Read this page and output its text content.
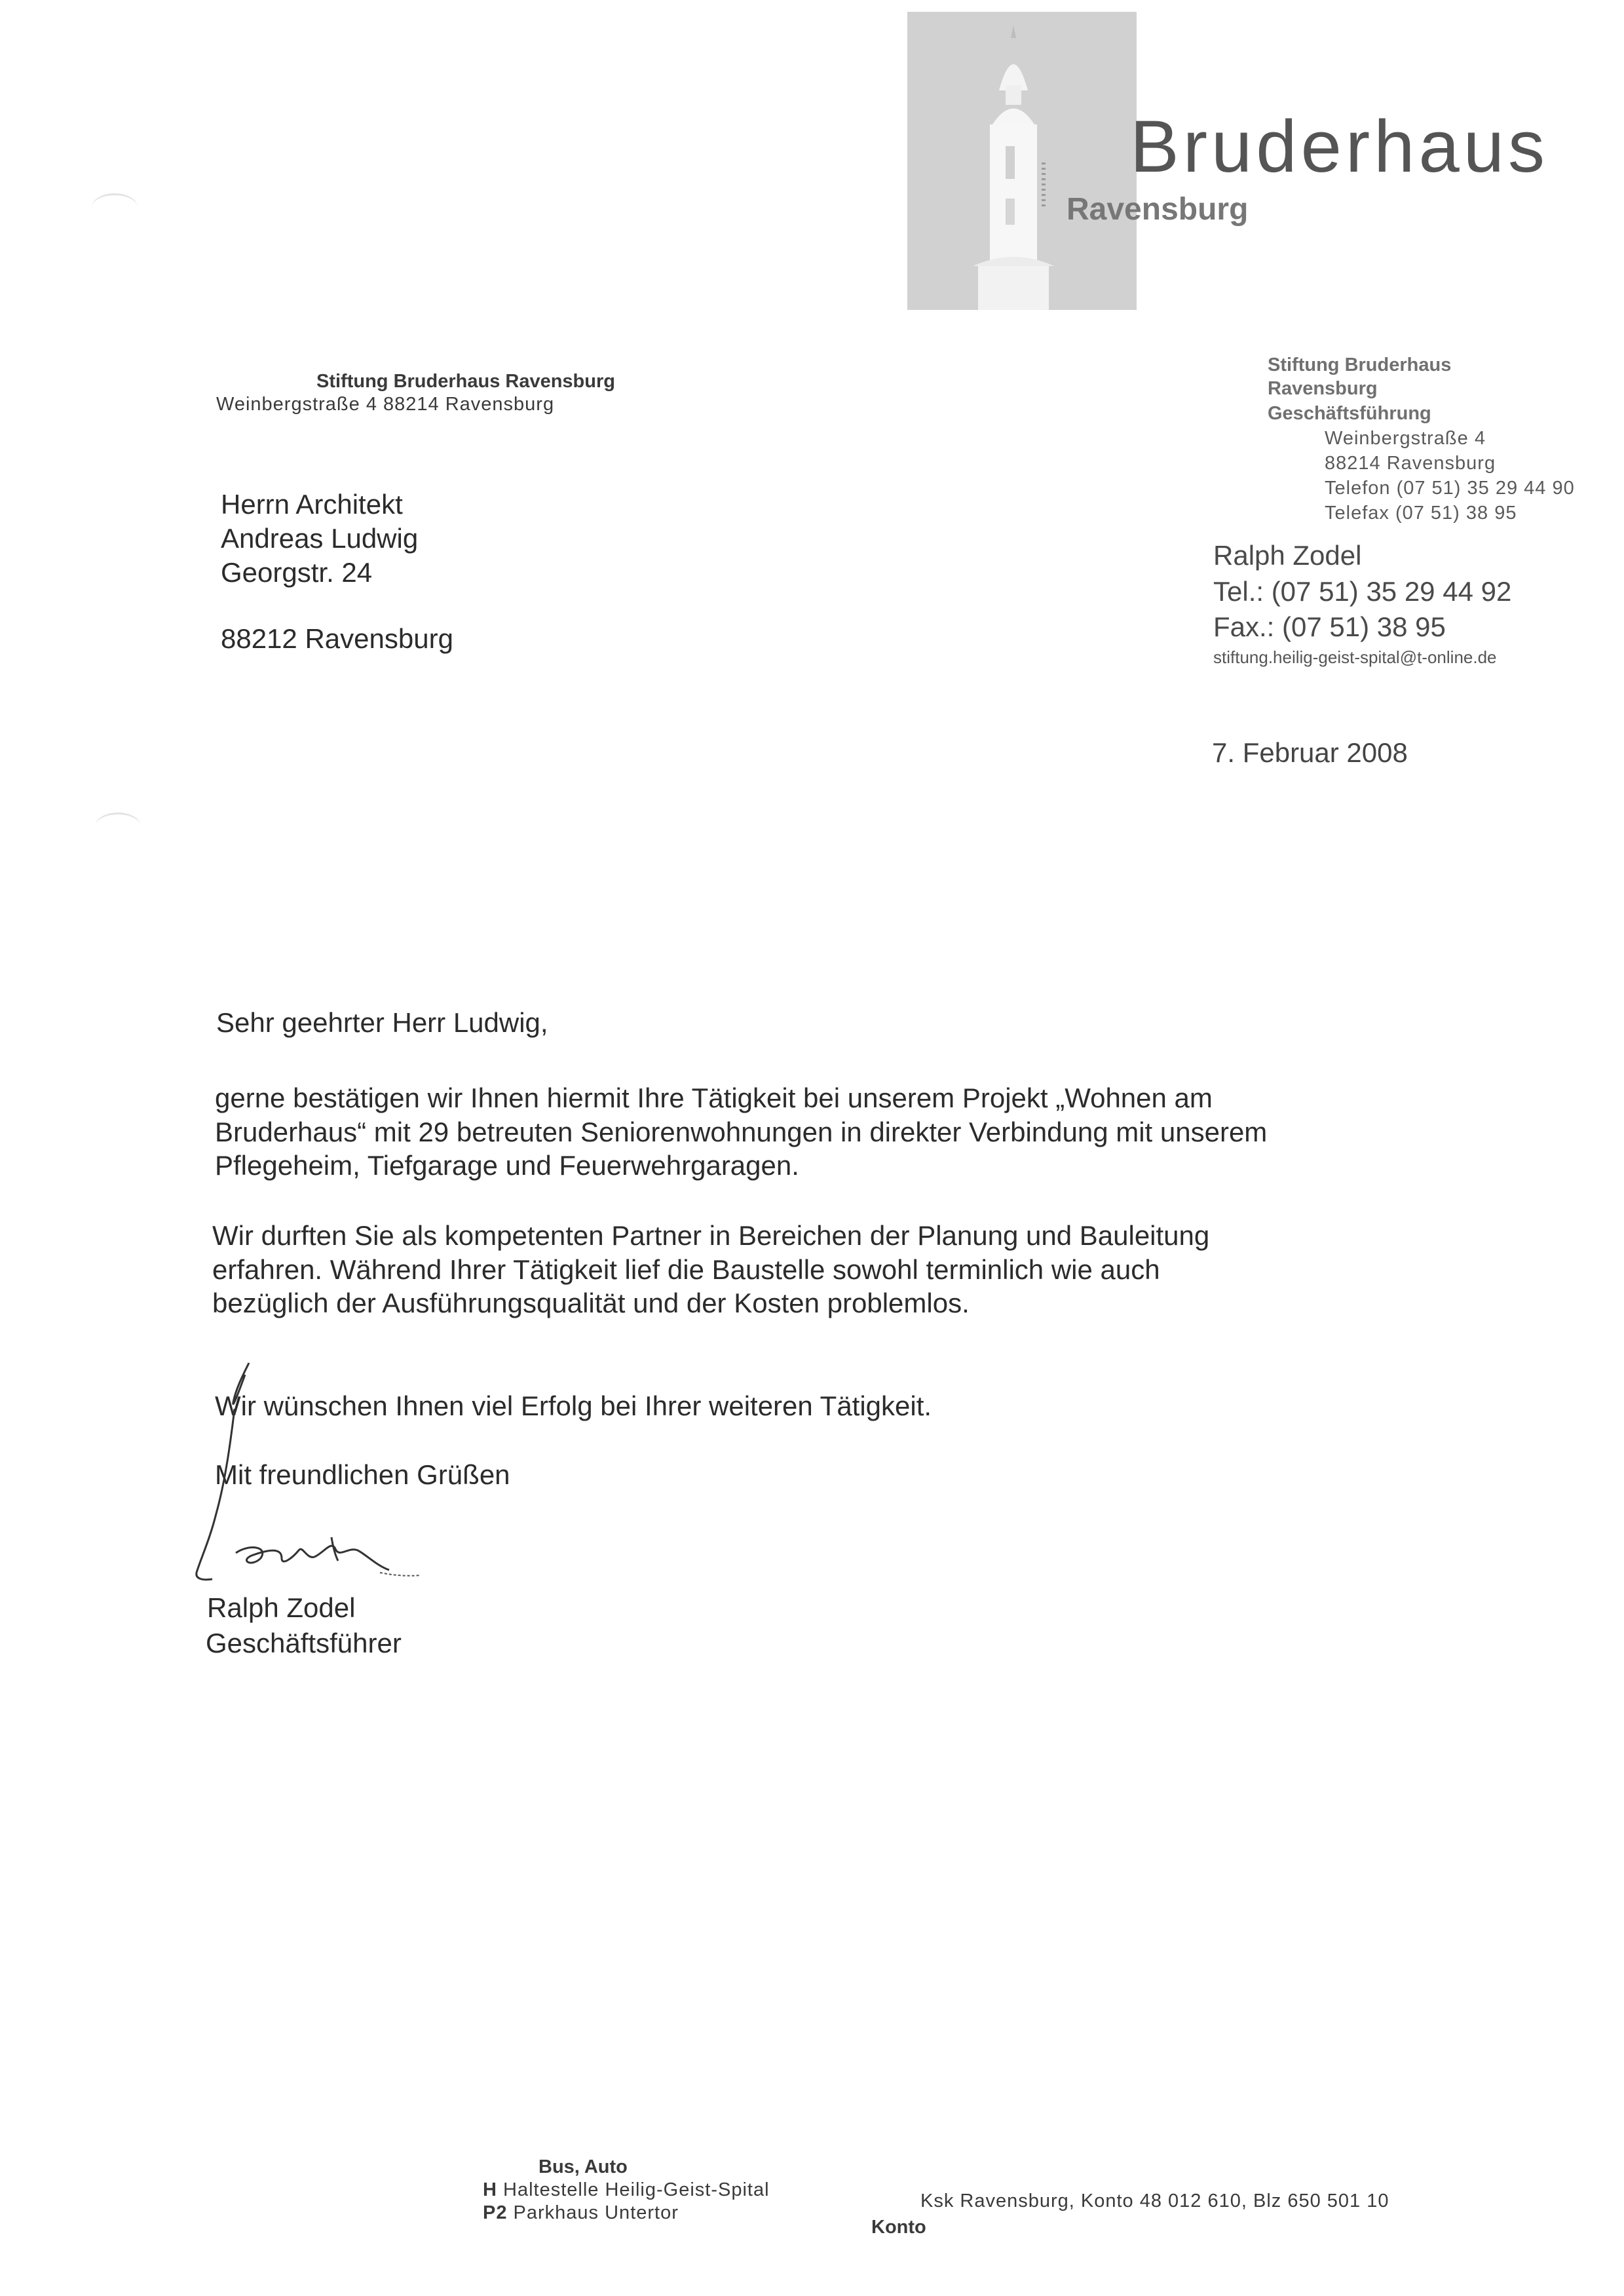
Bruderhaus
Ravensburg
Stiftung Bruderhaus Ravensburg
Weinbergstraße 4 88214 Ravensburg
Herrn Architekt
Andreas Ludwig
Georgstr. 24
88212 Ravensburg
Stiftung Bruderhaus
Ravensburg
Geschäftsführung
Weinbergstraße 4
88214 Ravensburg
Telefon (07 51) 35 29 44 90
Telefax (07 51) 38 95
Ralph Zodel
Tel.: (07 51) 35 29 44 92
Fax.: (07 51) 38 95
stiftung.heilig-geist-spital@t-online.de
7. Februar 2008
Sehr geehrter Herr Ludwig,
gerne bestätigen wir Ihnen hiermit Ihre Tätigkeit bei unserem Projekt „Wohnen am Bruderhaus“ mit 29 betreuten Seniorenwohnungen in direkter Verbindung mit unserem Pflegeheim, Tiefgarage und Feuerwehrgaragen.
Wir durften Sie als kompetenten Partner in Bereichen der Planung und Bauleitung erfahren. Während Ihrer Tätigkeit lief die Baustelle sowohl terminlich wie auch bezüglich der Ausführungsqualität und der Kosten problemlos.
Wir wünschen Ihnen viel Erfolg bei Ihrer weiteren Tätigkeit.
Mit freundlichen Grüßen
Ralph Zodel
Geschäftsführer
Bus, Auto
H Haltestelle Heilig-Geist-Spital
P2 Parkhaus Untertor
Ksk Ravensburg, Konto 48 012 610, Blz 650 501 10
Konto
